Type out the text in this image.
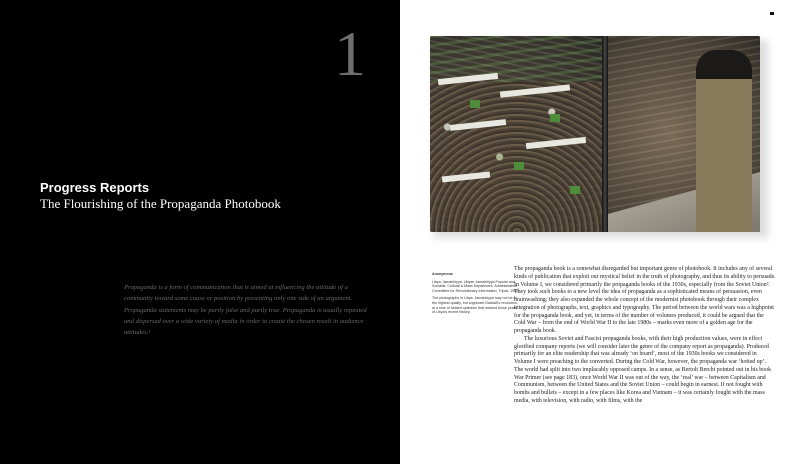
1
Progress Reports
The Flourishing of the Propaganda Photobook

Propaganda is a form of communication that is aimed at influencing the attitude of a community toward some cause or position by presenting only one side of an argument. Propaganda statements may be partly false and partly true. Propaganda is usually repeated and dispersed over a wide variety of media in order to create the chosen result in audience attitudes.¹

Anonymous
Libya: Jamahiriyya. Libyan Jamahiriyya Popular and Socialist, Cultural & Mass Department, Administrative Committee for Revolutionary Information, Tripoli, 1985
The photographs in Libya: Jamahiriyya may not be of the highest quality, but cognizant Gaddafi's revolution, at a time of heated optimism that marked those years of Libya's recent history.

The propaganda book is a somewhat disregarded but important genre of photobook. It includes any of several kinds of publication that exploit our mystical belief in the truth of photography, and thus its ability to persuade. In Volume I, we considered primarily the propaganda books of the 1930s, especially from the Soviet Union². They took such books to a new level the idea of propaganda as a sophisticated means of persuasion, even brainwashing; they also expanded the whole concept of the modernist photobook through their complex integration of photographs, text, graphics and typography. The period between the world wars was a highpoint for the propaganda book, and yet, in terms of the number of volumes produced, it could be argued that the Cold War – from the end of World War II to the late 1980s – marks even more of a golden age for the propaganda book.

The luxurious Soviet and Fascist propaganda books, with their high production values, were in effect glorified company reports (we will consider later the genre of the company report as propaganda). Produced primarily for an elite readership that was already ‘on board’, most of the 1930s books we considered in Volume I were preaching to the converted. During the Cold War, however, the propaganda war ‘hotted up’. The world had split into two implacably opposed camps. In a sense, as Bertolt Brecht pointed out in his book War Primer (see page 183), once World War II was out of the way, the ‘real’ war – between Capitalism and Communism, between the United States and the Soviet Union – could begin in earnest. If not fought with bombs and bullets – except in a few places like Korea and Vietnam – it was certainly fought with the mass media, with television, with radio, with films, with the
